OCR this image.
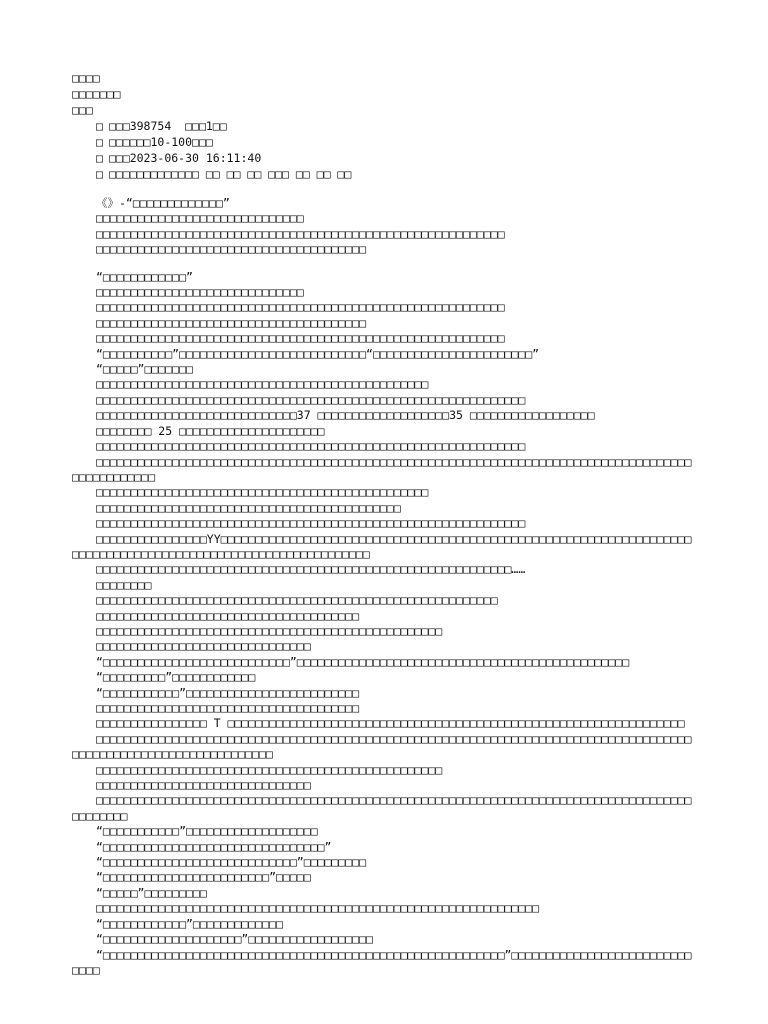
□□□□
□□□□□□□
□□□
□ □□□398754  □□□1□□
□ □□□□□□10-100□□□
□ □□□2023-06-30 16:11:40
□ □□□□□□□□□□□□□ □□ □□ □□ □□□ □□ □□ □□

《》-“□□□□□□□□□□□□□”

□□□□□□□□□□□□□□□□□□□□□□□□□□□□□□

□□□□□□□□□□□□□□□□□□□□□□□□□□□□□□□□□□□□□□□□□□□□□□□□□□□□□□□□□□□

□□□□□□□□□□□□□□□□□□□□□□□□□□□□□□□□□□□□□□□

“□□□□□□□□□□□□”

□□□□□□□□□□□□□□□□□□□□□□□□□□□□□□

□□□□□□□□□□□□□□□□□□□□□□□□□□□□□□□□□□□□□□□□□□□□□□□□□□□□□□□□□□□

□□□□□□□□□□□□□□□□□□□□□□□□□□□□□□□□□□□□□□□

□□□□□□□□□□□□□□□□□□□□□□□□□□□□□□□□□□□□□□□□□□□□□□□□□□□□□□□□□□□

“□□□□□□□□□□”□□□□□□□□□□□□□□□□□□□□□□□□□□□“□□□□□□□□□□□□□□□□□□□□□□□”

“□□□□□”□□□□□□□

□□□□□□□□□□□□□□□□□□□□□□□□□□□□□□□□□□□□□□□□□□□□□□□□

□□□□□□□□□□□□□□□□□□□□□□□□□□□□□□□□□□□□□□□□□□□□□□□□□□□□□□□□□□□□□□

□□□□□□□□□□□□□□□□□□□□□□□□□□□□□37 □□□□□□□□□□□□□□□□□□□35 □□□□□□□□□□□□□□□□□□

□□□□□□□□ 25 □□□□□□□□□□□□□□□□□□□□□

□□□□□□□□□□□□□□□□□□□□□□□□□□□□□□□□□□□□□□□□□□□□□□□□□□□□□□□□□□□□□□

□□□□□□□□□□□□□□□□□□□□□□□□□□□□□□□□□□□□□□□□□□□□□□□□□□□□□□□□□□□□□□□□□□□□□□□□□□□□□□□□□□□□□□□□□□□□□□□□□□

□□□□□□□□□□□□□□□□□□□□□□□□□□□□□□□□□□□□□□□□□□□□□□□□

□□□□□□□□□□□□□□□□□□□□□□□□□□□□□□□□□□□□□□□□□□□□

□□□□□□□□□□□□□□□□□□□□□□□□□□□□□□□□□□□□□□□□□□□□□□□□□□□□□□□□□□□□□□

□□□□□□□□□□□□□□□□YY□□□□□□□□□□□□□□□□□□□□□□□□□□□□□□□□□□□□□□□□□□□□□□□□□□□□□□□□□□□□□□□□□□□□□□□□□□□□□□□□□□□□□□□□□□□□□□□□□□□□□□□□□□□□□□□

□□□□□□□□□□□□□□□□□□□□□□□□□□□□□□□□□□□□□□□□□□□□□□□□□□□□□□□□□□□□……

□□□□□□□□

□□□□□□□□□□□□□□□□□□□□□□□□□□□□□□□□□□□□□□□□□□□□□□□□□□□□□□□□□□

□□□□□□□□□□□□□□□□□□□□□□□□□□□□□□□□□□□□□□

□□□□□□□□□□□□□□□□□□□□□□□□□□□□□□□□□□□□□□□□□□□□□□□□□□

□□□□□□□□□□□□□□□□□□□□□□□□□□□□□□□

“□□□□□□□□□□□□□□□□□□□□□□□□□□□”□□□□□□□□□□□□□□□□□□□□□□□□□□□□□□□□□□□□□□□□□□□□□□□□

“□□□□□□□□□”□□□□□□□□□□□□

“□□□□□□□□□□□”□□□□□□□□□□□□□□□□□□□□□□□□□

□□□□□□□□□□□□□□□□□□□□□□□□□□□□□□□□□□□□□□

□□□□□□□□□□□□□□□□ T □□□□□□□□□□□□□□□□□□□□□□□□□□□□□□□□□□□□□□□□□□□□□□□□□□□□□□□□□□□□□□□□□□

□□□□□□□□□□□□□□□□□□□□□□□□□□□□□□□□□□□□□□□□□□□□□□□□□□□□□□□□□□□□□□□□□□□□□□□□□□□□□□□□□□□□□□□□□□□□□□□□□□□□□□□□□□□□□□□□□□□

□□□□□□□□□□□□□□□□□□□□□□□□□□□□□□□□□□□□□□□□□□□□□□□□□□

□□□□□□□□□□□□□□□□□□□□□□□□□□□□□□□

□□□□□□□□□□□□□□□□□□□□□□□□□□□□□□□□□□□□□□□□□□□□□□□□□□□□□□□□□□□□□□□□□□□□□□□□□□□□□□□□□□□□□□□□□□□□□□

“□□□□□□□□□□□”□□□□□□□□□□□□□□□□□□□

“□□□□□□□□□□□□□□□□□□□□□□□□□□□□□□□□”

“□□□□□□□□□□□□□□□□□□□□□□□□□□□□”□□□□□□□□□

“□□□□□□□□□□□□□□□□□□□□□□□□”□□□□□

“□□□□□”□□□□□□□□□

□□□□□□□□□□□□□□□□□□□□□□□□□□□□□□□□□□□□□□□□□□□□□□□□□□□□□□□□□□□□□□□□

“□□□□□□□□□□□□”□□□□□□□□□□□□□

“□□□□□□□□□□□□□□□□□□□□”□□□□□□□□□□□□□□□□□□

“□□□□□□□□□□□□□□□□□□□□□□□□□□□□□□□□□□□□□□□□□□□□□□□□□□□□□□□□□□”□□□□□□□□□□□□□□□□□□□□□□□□□□□□□□
